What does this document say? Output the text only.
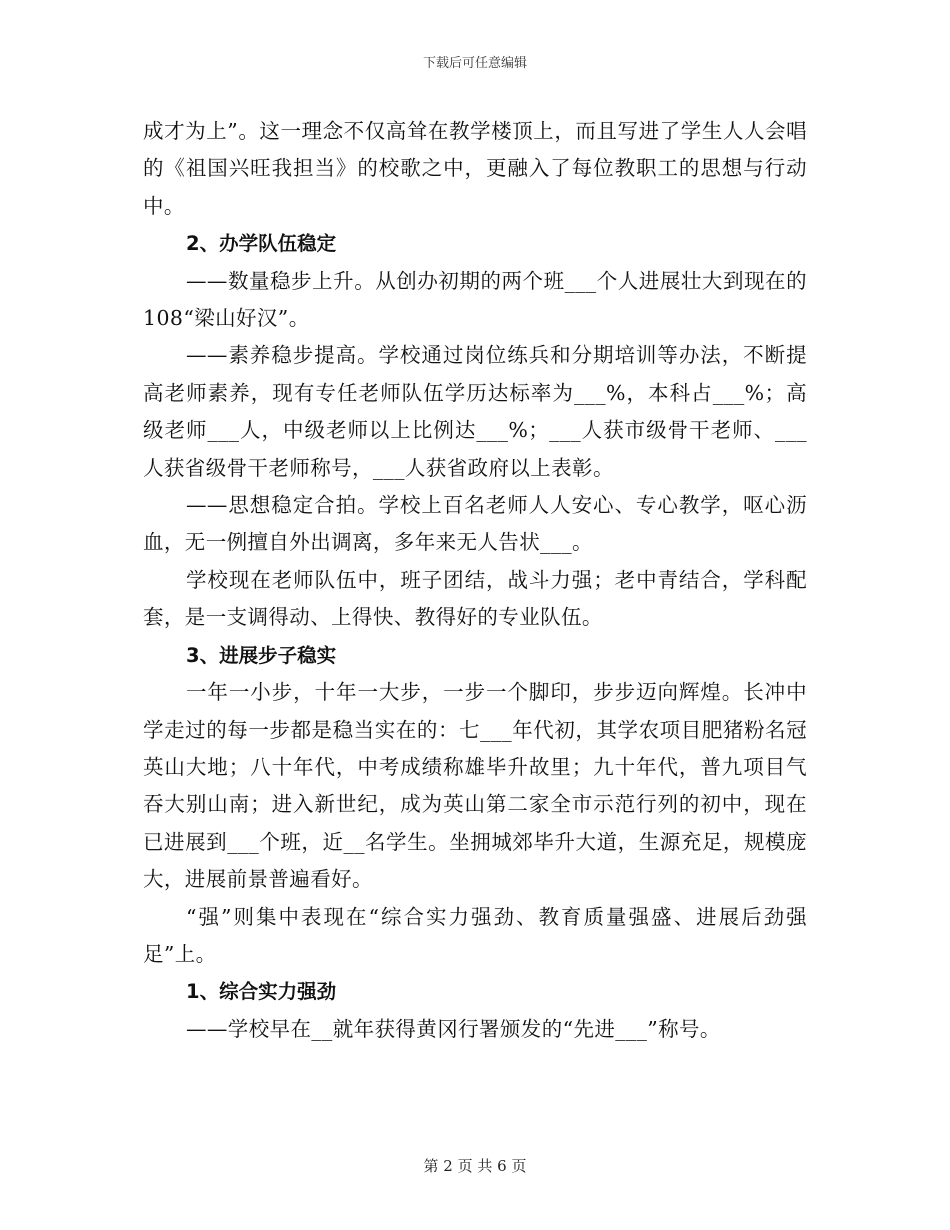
下载后可任意编辑

成才为上”。这一理念不仅高耸在教学楼顶上，而且写进了学生人人会唱的《祖国兴旺我担当》的校歌之中，更融入了每位教职工的思想与行动中。

2、办学队伍稳定

——数量稳步上升。从创办初期的两个班___个人进展壮大到现在的108“梁山好汉”。

——素养稳步提高。学校通过岗位练兵和分期培训等办法，不断提高老师素养，现有专任老师队伍学历达标率为___%，本科占___%；高级老师___人，中级老师以上比例达___%；___人获市级骨干老师、___人获省级骨干老师称号，___人获省政府以上表彰。

——思想稳定合拍。学校上百名老师人人安心、专心教学，呕心沥血，无一例擅自外出调离，多年来无人告状___。

学校现在老师队伍中，班子团结，战斗力强；老中青结合，学科配套，是一支调得动、上得快、教得好的专业队伍。

3、进展步子稳实

一年一小步，十年一大步，一步一个脚印，步步迈向辉煌。长冲中学走过的每一步都是稳当实在的：七___年代初，其学农项目肥猪粉名冠英山大地；八十年代，中考成绩称雄毕升故里；九十年代，普九项目气吞大别山南；进入新世纪，成为英山第二家全市示范行列的初中，现在已进展到___个班，近__名学生。坐拥城郊毕升大道，生源充足，规模庞大，进展前景普遍看好。

“强”则集中表现在“综合实力强劲、教育质量强盛、进展后劲强足”上。

1、综合实力强劲

——学校早在__就年获得黄冈行署颁发的“先进___”称号。

第 2 页 共 6 页
